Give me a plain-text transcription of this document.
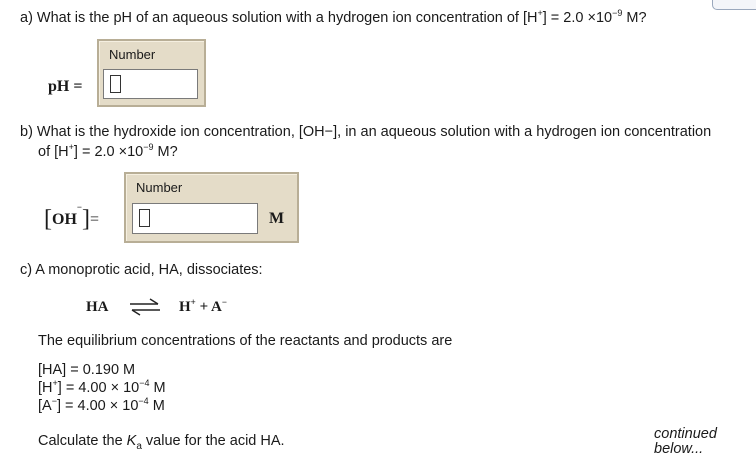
a) What is the pH of an aqueous solution with a hydrogen ion concentration of $[H^+] = 2.0 \times 10^{-9}$ M?
pH =
Number
b) What is the hydroxide ion concentration, [OH−], in an aqueous solution with a hydrogen ion concentration
of $[H^+] = 2.0 \times 10^{-9}$ M?
[OH−]=
Number
M
c) A monoprotic acid, HA, dissociates:
HA ⇌ H+ + A−
The equilibrium concentrations of the reactants and products are
[HA] = 0.190 M
$[H^+] = 4.00 \times 10^{-4}$ M
$[A^-] = 4.00 \times 10^{-4}$ M
Calculate the $K_a$ value for the acid HA.	continued
below...
